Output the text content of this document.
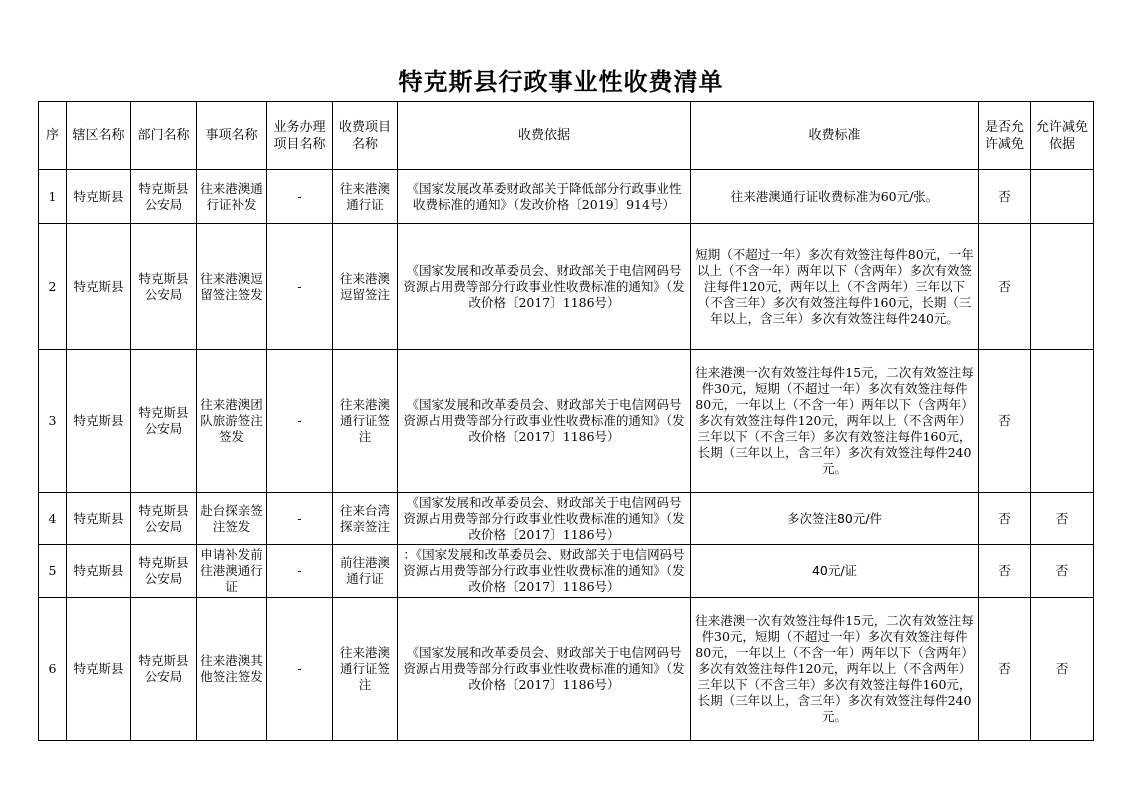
特克斯县行政事业性收费清单
序	辖区名称	部门名称	事项名称	业务办理项目名称	收费项目名称	收费依据	收费标准	是否允许减免	允许减免依据
1	特克斯县	特克斯县公安局	往来港澳通行证补发	-	往来港澳通行证	《国家发展改革委财政部关于降低部分行政事业性收费标准的通知》（发改价格〔2019〕914号）	往来港澳通行证收费标准为60元/张。	否	
2	特克斯县	特克斯县公安局	往来港澳逗留签注签发	-	往来港澳逗留签注	《国家发展和改革委员会、财政部关于电信网码号资源占用费等部分行政事业性收费标准的通知》（发改价格〔2017〕1186号）	短期（不超过一年）多次有效签注每件80元，一年以上（不含一年）两年以下（含两年）多次有效签注每件120元，两年以上（不含两年）三年以下（不含三年）多次有效签注每件160元，长期（三年以上，含三年）多次有效签注每件240元。	否	
3	特克斯县	特克斯县公安局	往来港澳团队旅游签注签发	-	往来港澳通行证签注	《国家发展和改革委员会、财政部关于电信网码号资源占用费等部分行政事业性收费标准的通知》（发改价格〔2017〕1186号）	往来港澳一次有效签注每件15元，二次有效签注每件30元，短期（不超过一年）多次有效签注每件80元，一年以上（不含一年）两年以下（含两年）多次有效签注每件120元，两年以上（不含两年）三年以下（不含三年）多次有效签注每件160元，长期（三年以上，含三年）多次有效签注每件240元。	否	
4	特克斯县	特克斯县公安局	赴台探亲签注签发	-	往来台湾探亲签注	《国家发展和改革委员会、财政部关于电信网码号资源占用费等部分行政事业性收费标准的通知》（发改价格〔2017〕1186号）	多次签注80元/件	否	否
5	特克斯县	特克斯县公安局	申请补发前往港澳通行证	-	前往港澳通行证	：《国家发展和改革委员会、财政部关于电信网码号资源占用费等部分行政事业性收费标准的通知》（发改价格〔2017〕1186号）	40元/证	否	否
6	特克斯县	特克斯县公安局	往来港澳其他签注签发	-	往来港澳通行证签注	《国家发展和改革委员会、财政部关于电信网码号资源占用费等部分行政事业性收费标准的通知》（发改价格〔2017〕1186号）	往来港澳一次有效签注每件15元，二次有效签注每件30元，短期（不超过一年）多次有效签注每件80元，一年以上（不含一年）两年以下（含两年）多次有效签注每件120元，两年以上（不含两年）三年以下（不含三年）多次有效签注每件160元，长期（三年以上，含三年）多次有效签注每件240元。	否	否
